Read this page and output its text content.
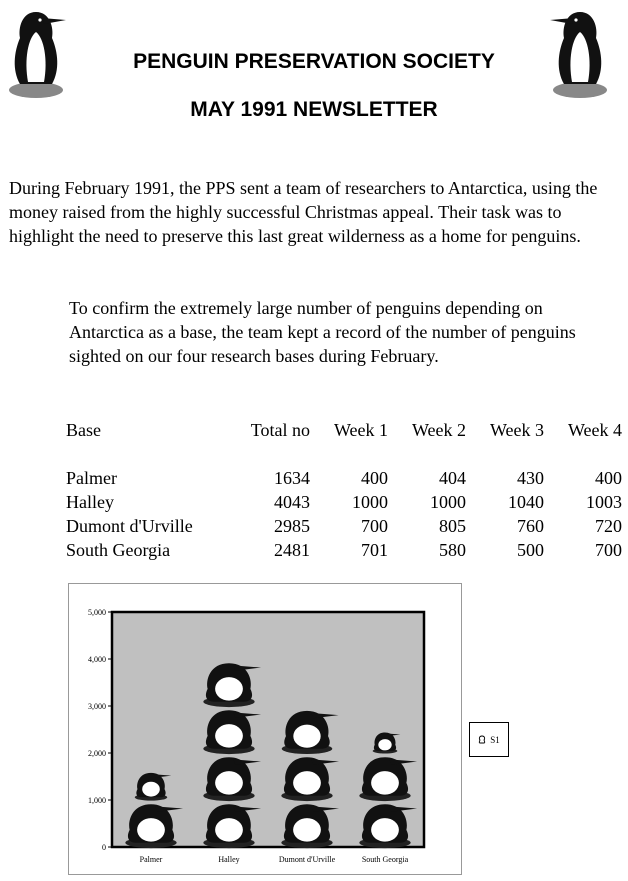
PENGUIN PRESERVATION SOCIETY
MAY 1991 NEWSLETTER

During February 1991, the PPS sent a team of researchers to Antarctica, using the money raised from the highly successful Christmas appeal. Their task was to highlight the need to preserve this last great wilderness as a home for penguins.

To confirm the extremely large number of penguins depending on Antarctica as a base, the team kept a record of the number of penguins sighted on our four research bases during February.

Base	Total no	Week 1	Week 2	Week 3	Week 4
Palmer	1634	400	404	430	400
Halley	4043	1000	1000	1040	1003
Dumont d'Urville	2985	700	805	760	720
South Georgia	2481	701	580	500	700
0
1,000
2,000
3,000
4,000
5,000
Palmer	Halley	Dumont d'Urville	South Georgia
S1
